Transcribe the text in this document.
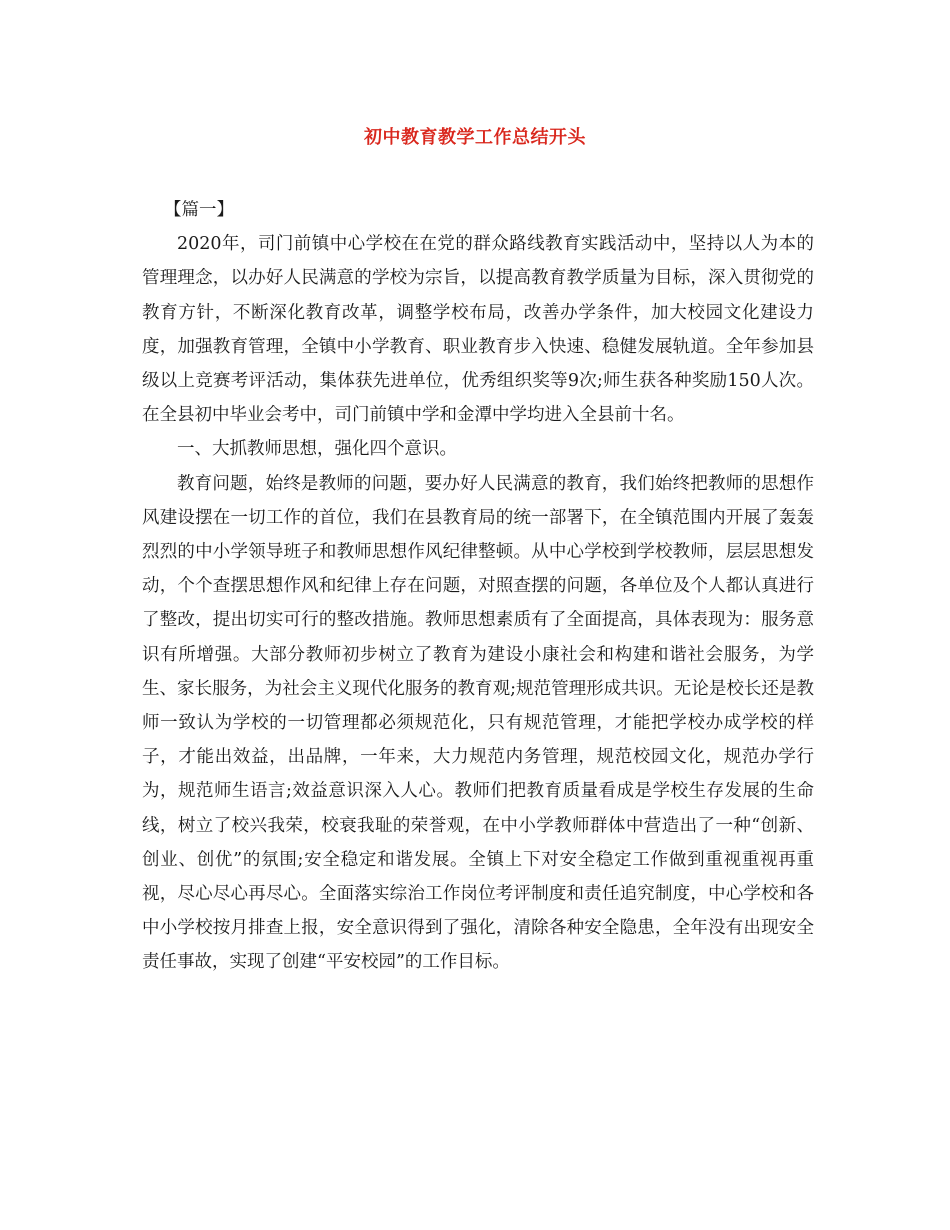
初中教育教学工作总结开头

【篇一】

2020年，司门前镇中心学校在在党的群众路线教育实践活动中，坚持以人为本的管理理念，以办好人民满意的学校为宗旨，以提高教育教学质量为目标，深入贯彻党的教育方针，不断深化教育改革，调整学校布局，改善办学条件，加大校园文化建设力度，加强教育管理，全镇中小学教育、职业教育步入快速、稳健发展轨道。全年参加县级以上竞赛考评活动，集体获先进单位，优秀组织奖等9次;师生获各种奖励150人次。在全县初中毕业会考中，司门前镇中学和金潭中学均进入全县前十名。

一、大抓教师思想，强化四个意识。

教育问题，始终是教师的问题，要办好人民满意的教育，我们始终把教师的思想作风建设摆在一切工作的首位，我们在县教育局的统一部署下，在全镇范围内开展了轰轰烈烈的中小学领导班子和教师思想作风纪律整顿。从中心学校到学校教师，层层思想发动，个个查摆思想作风和纪律上存在问题，对照查摆的问题，各单位及个人都认真进行了整改，提出切实可行的整改措施。教师思想素质有了全面提高，具体表现为：服务意识有所增强。大部分教师初步树立了教育为建设小康社会和构建和谐社会服务，为学生、家长服务，为社会主义现代化服务的教育观;规范管理形成共识。无论是校长还是教师一致认为学校的一切管理都必须规范化，只有规范管理，才能把学校办成学校的样子，才能出效益，出品牌，一年来，大力规范内务管理，规范校园文化，规范办学行为，规范师生语言;效益意识深入人心。教师们把教育质量看成是学校生存发展的生命线，树立了校兴我荣，校衰我耻的荣誉观，在中小学教师群体中营造出了一种“创新、创业、创优”的氛围;安全稳定和谐发展。全镇上下对安全稳定工作做到重视重视再重视，尽心尽心再尽心。全面落实综治工作岗位考评制度和责任追究制度，中心学校和各中小学校按月排查上报，安全意识得到了强化，清除各种安全隐患，全年没有出现安全责任事故，实现了创建“平安校园”的工作目标。
